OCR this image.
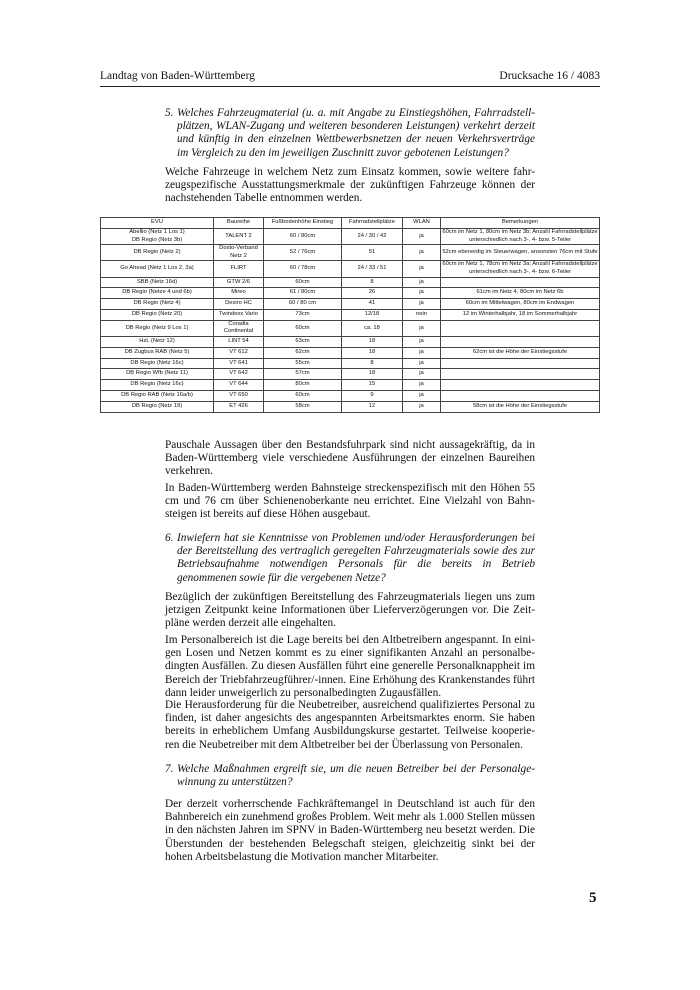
Landtag von Baden-Württemberg	Drucksache 16 / 4083
5. Welches Fahrzeugmaterial (u. a. mit Angabe zu Einstiegshöhen, Fahrradstell-plätzen, WLAN-Zugang und weiteren besonderen Leistungen) verkehrt derzeit und künftig in den einzelnen Wettbewerbsnetzen der neuen Verkehrsverträge im Vergleich zu den im jeweiligen Zuschnitt zuvor gebotenen Leistungen?

Welche Fahrzeuge in welchem Netz zum Einsatz kommen, sowie weitere fahr-zeugspezifische Ausstattungsmerkmale der zukünftigen Fahrzeuge können der nachstehenden Tabelle entnommen werden.

EVU	Baureihe	Fußbodenhöhe Einstieg	Fahrradstellplätze	WLAN	Bemerkungen
Abellio (Netz 1 Los 1)
DB Regio (Netz 3b)	TALENT 2	60 / 80cm	24 / 30 / 42	ja	60cm im Netz 1, 80cm im Netz 3b; Anzahl Fahrradstellplätze unterschiedlich nach 3-, 4- bzw. 5-Teiler
DB Regio (Netz 2)	Dosto-Verband Netz 2	52 / 76cm	51	ja	52cm ebenerdig im Steuerwagen, ansonsten 76cm mit Stufe
Go Ahead (Netz 1 Los 2, 3a)	FLIRT	60 / 78cm	24 / 33 / 51	ja	60cm im Netz 1, 78cm im Netz 3a; Anzahl Fahrradstellplätze unterschiedlich nach 3-, 4- bzw. 6-Teiler
SBB (Netz 16d)	GTW 2/6	60cm	8	ja	
DB Regio (Netze 4 und 6b)	Mireo	61 / 80cm	26	ja	61cm im Netz 4, 80cm im Netz 6b
DB Regio (Netz 4)	Desiro HC	60 / 80 cm	41	ja	60cm im Mittelwagen, 80cm im Endwagen
DB Regio (Netz 20)	Twindexx Vario	73cm	12/18	nein	12 im Winterhalbjahr, 18 im Sommerhalbjahr
DB Regio (Netz 9 Los 1)	Coradia Continental	60cm	ca. 18	ja	
HzL (Netz 12)	LINT 54	63cm	18	ja	
DB Zugbus RAB (Netz 5)	VT 612	62cm	18	ja	62cm ist die Höhe der Einstiegsstufe
DB Regio (Netz 16c)	VT 641	55cm	8	ja	
DB Regio Wfb (Netz 11)	VT 642	57cm	18	ja	
DB Regio (Netz 16c)	VT 644	80cm	15	ja	
DB Regio RAB (Netz 16a/b)	VT 650	60cm	9	ja	
DB Regio (Netz 19)	ET 426	58cm	12	ja	58cm ist die Höhe der Einstiegsstufe

Pauschale Aussagen über den Bestandsfuhrpark sind nicht aussagekräftig, da in Baden-Württemberg viele verschiedene Ausführungen der einzelnen Baureihen verkehren.

In Baden-Württemberg werden Bahnsteige streckenspezifisch mit den Höhen 55 cm und 76 cm über Schienenoberkante neu errichtet. Eine Vielzahl von Bahn-steigen ist bereits auf diese Höhen ausgebaut.

6. Inwiefern hat sie Kenntnisse von Problemen und/oder Herausforderungen bei der Bereitstellung des vertraglich geregelten Fahrzeugmaterials sowie des zur Betriebsaufnahme notwendigen Personals für die bereits in Betrieb genommenen sowie für die vergebenen Netze?

Bezüglich der zukünftigen Bereitstellung des Fahrzeugmaterials liegen uns zum jetzigen Zeitpunkt keine Informationen über Lieferverzögerungen vor. Die Zeit-pläne werden derzeit alle eingehalten.

Im Personalbereich ist die Lage bereits bei den Altbetreibern angespannt. In eini-gen Losen und Netzen kommt es zu einer signifikanten Anzahl an personalbe-dingten Ausfällen. Zu diesen Ausfällen führt eine generelle Personalknappheit im Bereich der Triebfahrzeugführer/-innen. Eine Erhöhung des Krankenstandes führt dann leider unweigerlich zu personalbedingten Zugausfällen.

Die Herausforderung für die Neubetreiber, ausreichend qualifiziertes Personal zu finden, ist daher angesichts des angespannten Arbeitsmarktes enorm. Sie haben bereits in erheblichem Umfang Ausbildungskurse gestartet. Teilweise kooperie-ren die Neubetreiber mit dem Altbetreiber bei der Überlassung von Personalen.

7. Welche Maßnahmen ergreift sie, um die neuen Betreiber bei der Personalge-winnung zu unterstützen?

Der derzeit vorherrschende Fachkräftemangel in Deutschland ist auch für den Bahnbereich ein zunehmend großes Problem. Weit mehr als 1.000 Stellen müssen in den nächsten Jahren im SPNV in Baden-Württemberg neu besetzt werden. Die Überstunden der bestehenden Belegschaft steigen, gleichzeitig sinkt bei der hohen Arbeitsbelastung die Motivation mancher Mitarbeiter.

5
